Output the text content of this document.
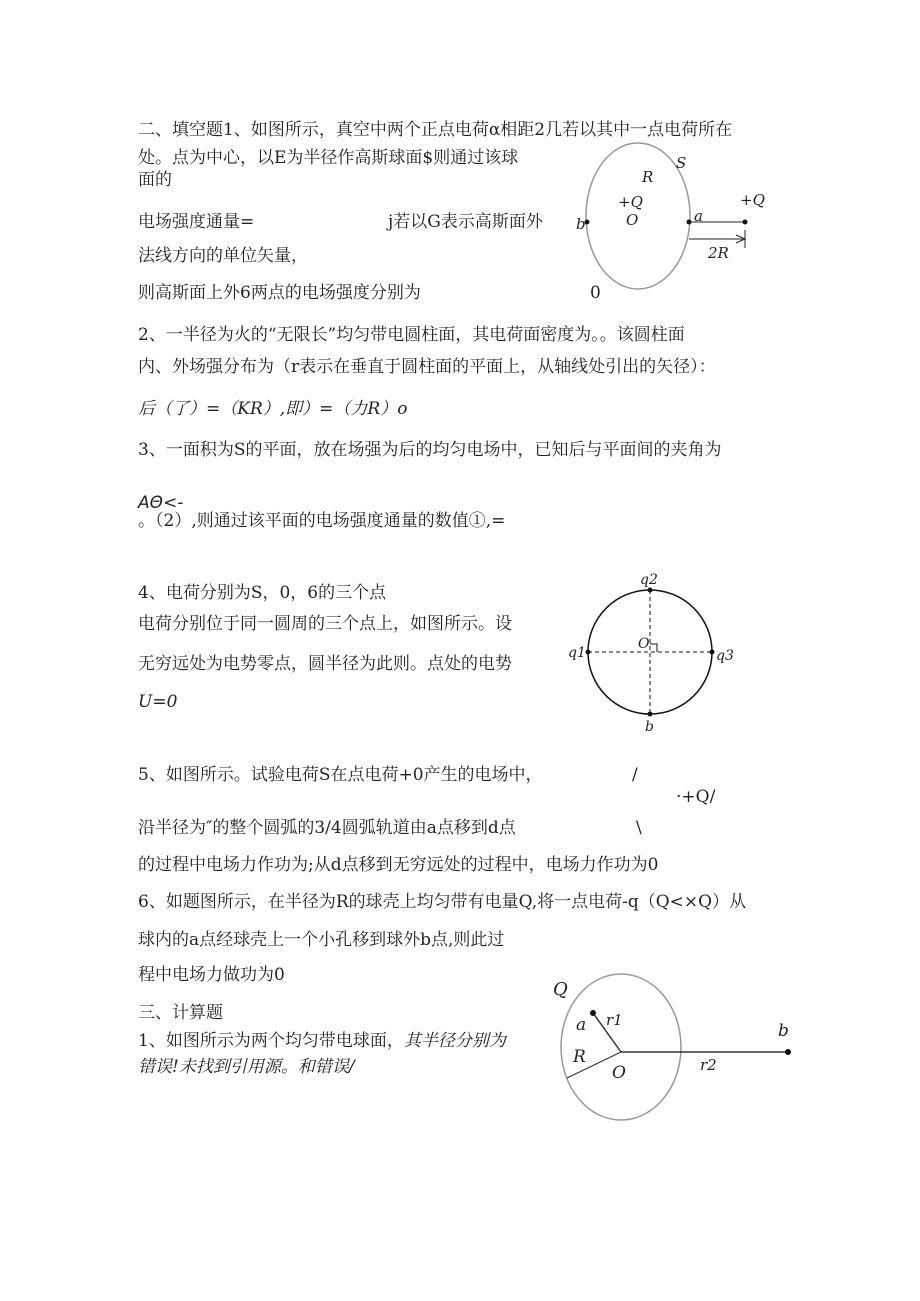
二、填空题1、如图所示，真空中两个正点电荷α相距2几若以其中一点电荷所在
处。点为中心，以E为半径作高斯球面$则通过该球
面的
电场强度通量=	j若以G表示高斯面外
法线方向的单位矢量，
则高斯面上外6两点的电场强度分别为	0
2、一半径为火的“无限长”均匀带电圆柱面，其电荷面密度为。。该圆柱面
内、外场强分布为（r表示在垂直于圆柱面的平面上，从轴线处引出的矢径）：
后（了）=（KR）,即）=（力R）o
3、一面积为S的平面，放在场强为后的均匀电场中，已知后与平面间的夹角为
AΘ<-
。（2）,则通过该平面的电场强度通量的数值①,=
4、电荷分别为S，0，6的三个点
电荷分别位于同一圆周的三个点上，如图所示。设
无穷远处为电势零点，圆半径为此则。点处的电势
U=0
5、如图所示。试验电荷S在点电荷+0产生的电场中，
沿半径为″的整个圆弧的3/4圆弧轨道由a点移到d点
的过程中电场力作功为;从d点移到无穷远处的过程中，电场力作功为0
/
·+Q/
\
6、如题图所示，在半径为R的球壳上均匀带有电量Q,将一点电荷-q（Q<×Q）从
球内的a点经球壳上一个小孔移到球外b点,则此过
程中电场力做功为0
三、计算题
1、如图所示为两个均匀带电球面，其半径分别为
错误!未找到引用源。和错误/
S
R
+Q
O
b	a
+Q
2R
q2
q1
O
q3
b
Q
a r1
R
O	r2
b
